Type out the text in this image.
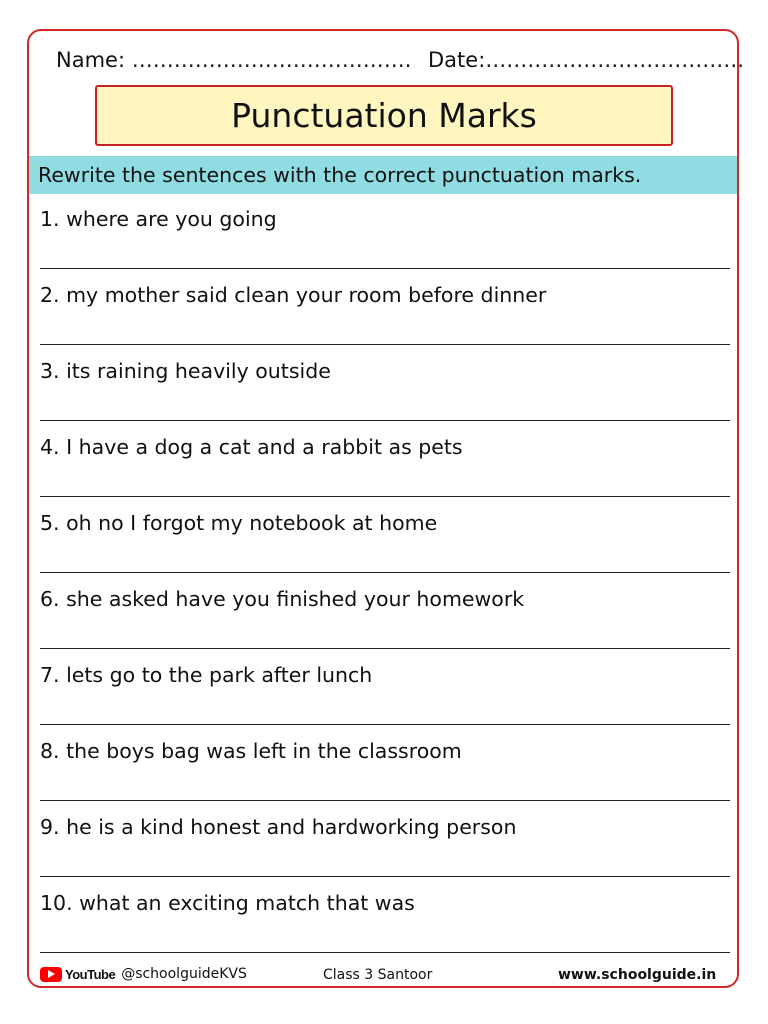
Name: …………………………………. Date:……………………………….
Punctuation Marks
Rewrite the sentences with the correct punctuation marks.
1. where are you going
2. my mother said clean your room before dinner
3. its raining heavily outside
4. I have a dog a cat and a rabbit as pets
5. oh no I forgot my notebook at home
6. she asked have you finished your homework
7. lets go to the park after lunch
8. the boys bag was left in the classroom
9. he is a kind honest and hardworking person
10. what an exciting match that was
YouTube @schoolguideKVS	Class 3 Santoor	www.schoolguide.in
